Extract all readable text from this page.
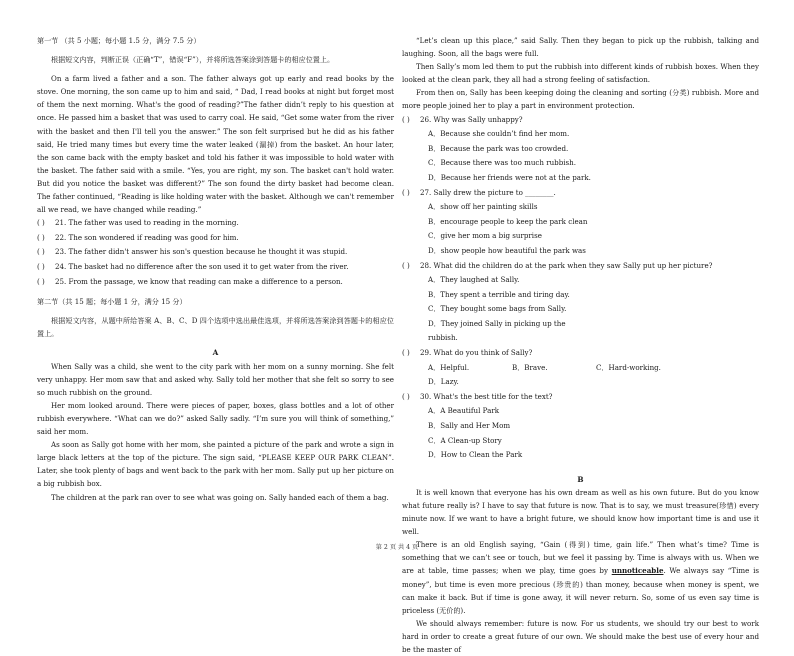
第一节 （共 5 小题；每小题 1.5 分，满分 7.5 分）

根据短文内容，判断正误（正确“T”，错误“F”），并将所选答案涂到答题卡的相应位置上。

On a farm lived a father and a son. The father always got up early and read books by the stove. One morning, the son came up to him and said, “ Dad, I read books at night but forget most of them the next morning. What's the good of reading?”The father didn’t reply to his question at once. He passed him a basket that was used to carry coal. He said, “Get some water from the river with the basket and then I'll tell you the answer.” The son felt surprised but he did as his father said, He tried many times but every time the water leaked (漏掉) from the basket. An hour later, the son came back with the empty basket and told his father it was impossible to hold water with the basket. The father said with a smile. “Yes, you are right, my son. The basket can't hold water. But did you notice the basket was different?” The son found the dirty basket had become clean. The father continued, “Reading is like holding water with the basket. Although we can't remember all we read, we have changed while reading.”

( )	21. The father was used to reading in the morning.
( )	22. The son wondered if reading was good for him.
( )	23. The father didn't answer his son's question because he thought it was stupid.
( )	24. The basket had no difference after the son used it to get water from the river.
( )	25. From the passage, we know that reading can make a difference to a person.

第二节（共 15 题；每小题 1 分，满分 15 分）

根据短文内容，从题中所给答案 A、B、C、D 四个选项中选出最佳选项，并将所选答案涂到答题卡的相应位置上。

A

When Sally was a child, she went to the city park with her mom on a sunny morning. She felt very unhappy. Her mom saw that and asked why. Sally told her mother that she felt so sorry to see so much rubbish on the ground.

Her mom looked around. There were pieces of paper, boxes, glass bottles and a lot of other rubbish everywhere. “What can we do?” asked Sally sadly. “I’m sure you will think of something,” said her mom.

As soon as Sally got home with her mom, she painted a picture of the park and wrote a sign in large black letters at the top of the picture. The sign said, “PLEASE KEEP OUR PARK CLEAN”. Later, she took plenty of bags and went back to the park with her mom. Sally put up her picture on a big rubbish box.

The children at the park ran over to see what was going on. Sally handed each of them a bag.

“Let’s clean up this place,” said Sally. Then they began to pick up the rubbish, talking and laughing. Soon, all the bags were full.

Then Sally’s mom led them to put the rubbish into different kinds of rubbish boxes. When they looked at the clean park, they all had a strong feeling of satisfaction.

From then on, Sally has been keeping doing the cleaning and sorting (分类) rubbish. More and more people joined her to play a part in environment protection.

( )	26. Why was Sally unhappy?
A．Because she couldn’t find her mom.
B．Because the park was too crowded.
C．Because there was too much rubbish.
D．Because her friends were not at the park.
( )	27. Sally drew the picture to ________.
A．show off her painting skills
B．encourage people to keep the park clean
C．give her mom a big surprise
D．show people how beautiful the park was
( )	28. What did the children do at the park when they saw Sally put up her picture?
A．They laughed at Sally.
B．They spent a terrible and tiring day.
C．They bought some bags from Sally.
D．They joined Sally in picking up the rubbish.
( )	29. What do you think of Sally?
A．Helpful.	B．Brave.	C．Hard-working.
D．Lazy.
( )	30. What's the best title for the text?
A．A Beautiful Park
B．Sally and Her Mom
C．A Clean-up Story
D．How to Clean the Park

B

It is well known that everyone has his own dream as well as his own future. But do you know what future really is? I have to say that future is now. That is to say, we must treasure(珍惜) every minute now. If we want to have a bright future, we should know how important time is and use it well.

There is an old English saying, “Gain (得到) time, gain life.” Then what’s time? Time is something that we can’t see or touch, but we feel it passing by. Time is always with us. When we are at table, time passes; when we play, time goes by unnoticeable. We always say “Time is money”, but time is even more precious (珍贵的) than money, because when money is spent, we can make it back. But if time is gone away, it will never return. So, some of us even say time is priceless (无价的).

We should always remember: future is now. For us students, we should try our best to work hard in order to create a great future of our own. We should make the best use of every hour and be the master of

第 2 页 共 4 页
